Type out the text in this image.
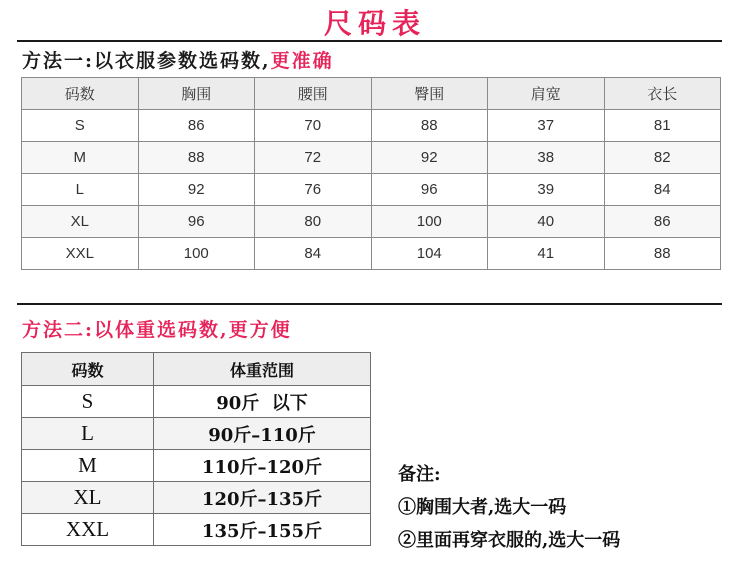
尺码表
方法一:以衣服参数选码数,更准确
码数	胸围	腰围	臀围	肩宽	衣长
S	86	70	88	37	81
M	88	72	92	38	82
L	92	76	96	39	84
XL	96	80	100	40	86
XXL	100	84	104	41	88
方法二:以体重选码数,更方便
码数	体重范围
S	90斤  以下
L	90斤–110斤
M	110斤–120斤
XL	120斤–135斤
XXL	135斤–155斤
备注:
①胸围大者,选大一码
②里面再穿衣服的,选大一码
